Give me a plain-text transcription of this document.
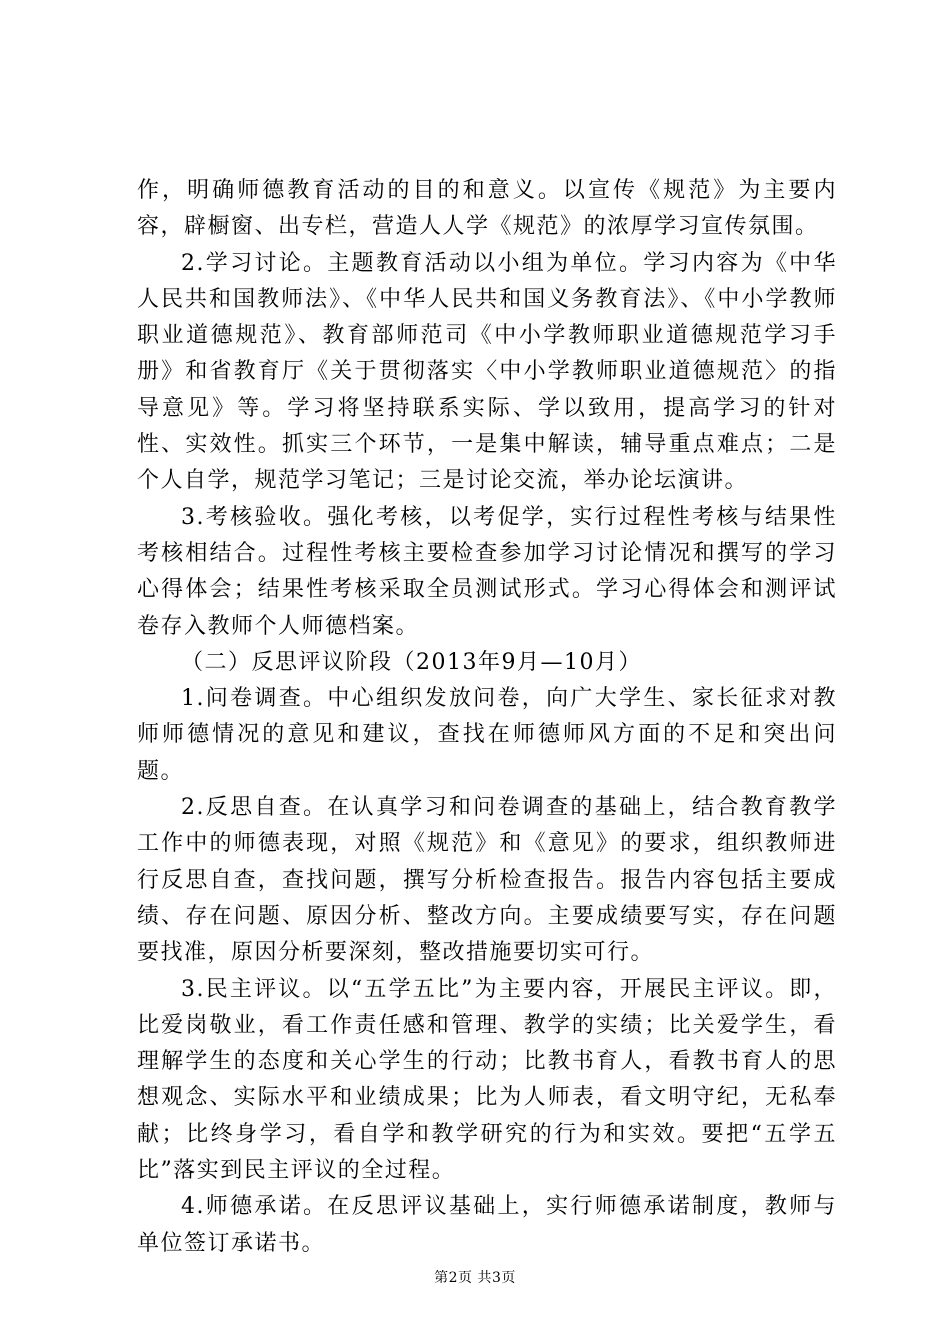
作，明确师德教育活动的目的和意义。以宣传《规范》为主要内容，辟橱窗、出专栏，营造人人学《规范》的浓厚学习宣传氛围。

2.学习讨论。主题教育活动以小组为单位。学习内容为《中华人民共和国教师法》、《中华人民共和国义务教育法》、《中小学教师职业道德规范》、教育部师范司《中小学教师职业道德规范学习手册》和省教育厅《关于贯彻落实〈中小学教师职业道德规范〉的指导意见》等。学习将坚持联系实际、学以致用，提高学习的针对性、实效性。抓实三个环节，一是集中解读，辅导重点难点；二是个人自学，规范学习笔记；三是讨论交流，举办论坛演讲。

3.考核验收。强化考核，以考促学，实行过程性考核与结果性考核相结合。过程性考核主要检查参加学习讨论情况和撰写的学习心得体会；结果性考核采取全员测试形式。学习心得体会和测评试卷存入教师个人师德档案。

（二）反思评议阶段（2013年9月—10月）

1.问卷调查。中心组织发放问卷，向广大学生、家长征求对教师师德情况的意见和建议，查找在师德师风方面的不足和突出问题。

2.反思自查。在认真学习和问卷调查的基础上，结合教育教学工作中的师德表现，对照《规范》和《意见》的要求，组织教师进行反思自查，查找问题，撰写分析检查报告。报告内容包括主要成绩、存在问题、原因分析、整改方向。主要成绩要写实，存在问题要找准，原因分析要深刻，整改措施要切实可行。

3.民主评议。以“五学五比”为主要内容，开展民主评议。即，比爱岗敬业，看工作责任感和管理、教学的实绩；比关爱学生，看理解学生的态度和关心学生的行动；比教书育人，看教书育人的思想观念、实际水平和业绩成果；比为人师表，看文明守纪，无私奉献；比终身学习，看自学和教学研究的行为和实效。要把“五学五比”落实到民主评议的全过程。

4.师德承诺。在反思评议基础上，实行师德承诺制度，教师与单位签订承诺书。

第2页 共3页
